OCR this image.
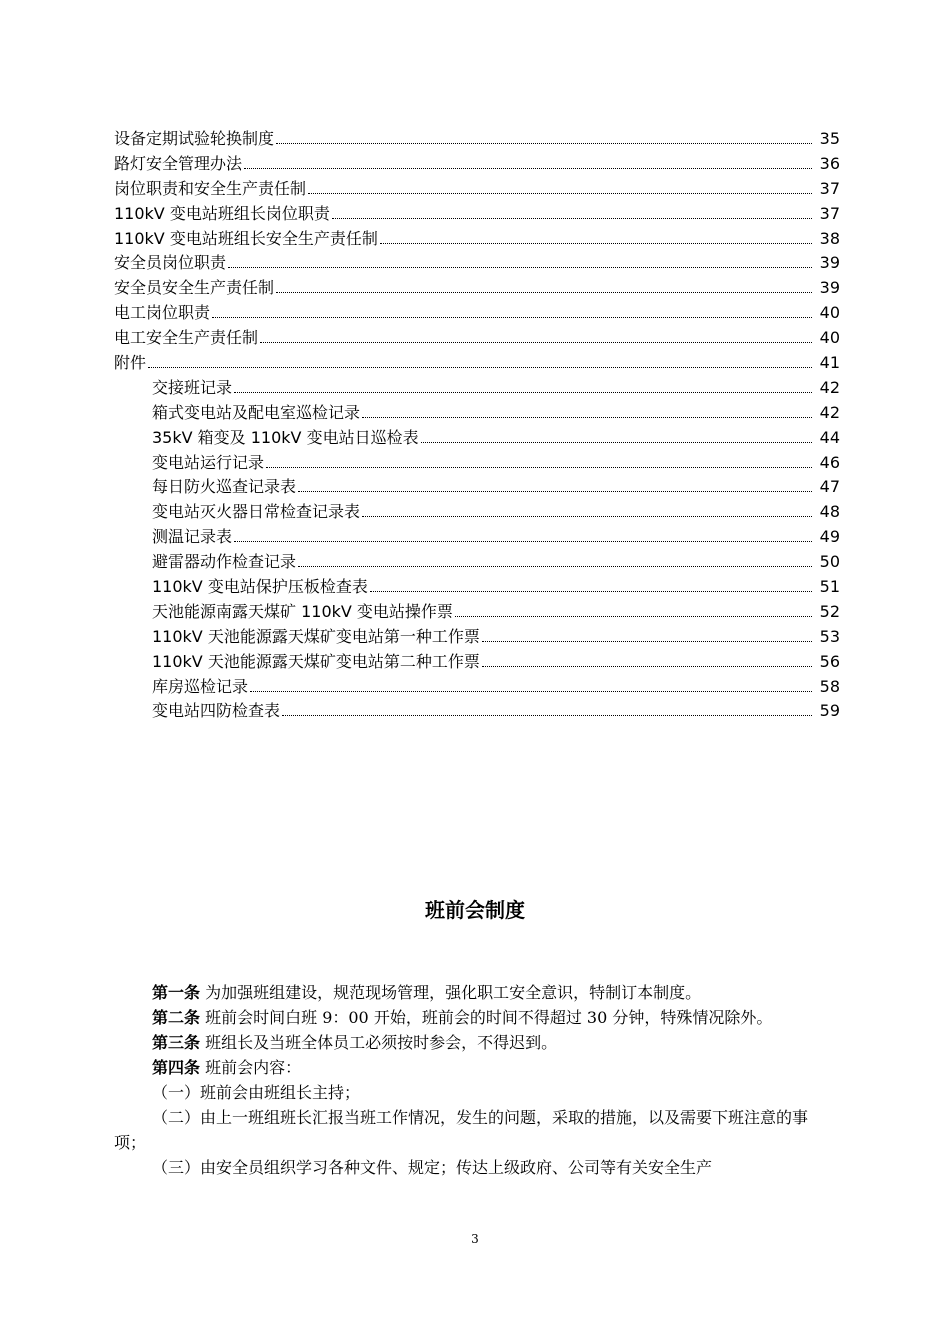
设备定期试验轮换制度	35
路灯安全管理办法	36
岗位职责和安全生产责任制	37
110kV 变电站班组长岗位职责	37
110kV 变电站班组长安全生产责任制	38
安全员岗位职责	39
安全员安全生产责任制	39
电工岗位职责	40
电工安全生产责任制	40
附件	41
交接班记录	42
箱式变电站及配电室巡检记录	42
35kV 箱变及 110kV 变电站日巡检表	44
变电站运行记录	46
每日防火巡查记录表	47
变电站灭火器日常检查记录表	48
测温记录表	49
避雷器动作检查记录	50
110kV 变电站保护压板检查表	51
天池能源南露天煤矿 110kV 变电站操作票	52
110kV 天池能源露天煤矿变电站第一种工作票	53
110kV 天池能源露天煤矿变电站第二种工作票	56
库房巡检记录	58
变电站四防检查表	59
班前会制度

第一条 为加强班组建设，规范现场管理，强化职工安全意识，特制订本制度。

第二条 班前会时间白班 9：00 开始，班前会的时间不得超过 30 分钟，特殊情况除外。

第三条 班组长及当班全体员工必须按时参会，不得迟到。

第四条 班前会内容：

（一）班前会由班组长主持；

（二）由上一班组班长汇报当班工作情况，发生的问题，采取的措施，以及需要下班注意的事项；

（三）由安全员组织学习各种文件、规定；传达上级政府、公司等有关安全生产

3
